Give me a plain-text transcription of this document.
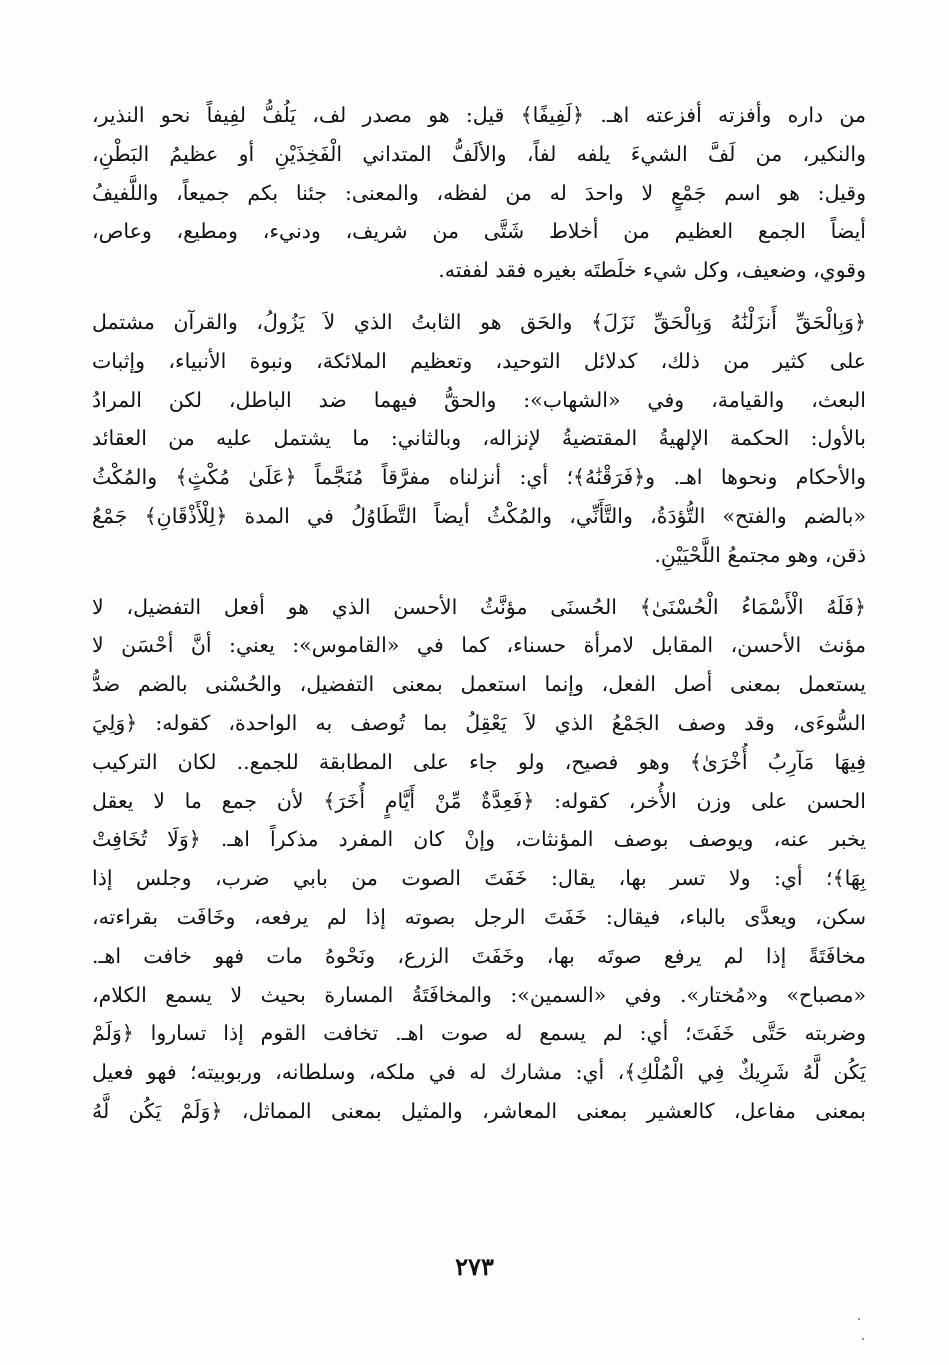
من داره وأفزته أفزعته اهـ. ﴿لَفِيفًا﴾ قيل: هو مصدر لف، يَلُفُّ لفِيفاً نحو النذير،
والنكير، من لَفَّ الشيءَ يلفه لفاً، والألَفُّ المتداني الْفَخِذَيْنِ أو عظيمُ البَطْنِ،
وقيل: هو اسم جَمْعٍ لا واحدَ له من لفظه، والمعنى: جئنا بكم جميعاً، واللَّفيفُ
أيضاً الجمع العظيم من أخلاط شَتَّى من شريف، ودنيء، ومطيع، وعاص،
وقوي، وضعيف، وكل شيء خلَطتَه بغيره فقد لففته.
﴿وَبِالْحَقِّ أَنزَلْنَٰهُ وَبِالْحَقِّ نَزَلَ﴾ والحَق هو الثابتُ الذي لاَ يَزُولُ، والقرآن مشتمل
على كثير من ذلك، كدلائل التوحيد، وتعظيم الملائكة، ونبوة الأنبياء، وإثبات
البعث، والقيامة، وفي «الشهاب»: والحقُّ فيهما ضد الباطل، لكن المرادُ
بالأول: الحكمة الإلهيةُ المقتضيةُ لإنزاله، وبالثاني: ما يشتمل عليه من العقائد
والأحكام ونحوها اهـ. و﴿فَرَقْنَٰهُ﴾؛ أي: أنزلناه مفرَّقاً مُنَجَّماً ﴿عَلَىٰ مُكْثٍ﴾ والمُكْثُ
«بالضم والفتح» التُّؤدَةُ، والتَّأَنِّي، والمُكْثُ أيضاً التَّطَاوُلُ في المدة ﴿لِلْأَذْقَانِ﴾ جَمْعُ
ذقن، وهو مجتمعُ اللَّحْيَيْنِ.
﴿فَلَهُ الْأَسْمَاءُ الْحُسْنَىٰ﴾ الحُسنَى مؤنَّثُ الأحسن الذي هو أفعل التفضيل، لا
مؤنث الأحسن، المقابل لامرأة حسناء، كما في «القاموس»: يعني: أنَّ أحْسَن لا
يستعمل بمعنى أصل الفعل، وإنما استعمل بمعنى التفضيل، والحُسْنى بالضم ضدُّ
السُّوءَى، وقد وصف الجَمْعُ الذي لاَ يَعْقِلُ بما تُوصف به الواحدة، كقوله: ﴿وَلِيَ
فِيهَا مَآرِبُ أُخْرَىٰ﴾ وهو فصيح، ولو جاء على المطابقة للجمع.. لكان التركيب
الحسن على وزن الأُخر، كقوله: ﴿فَعِدَّةٌ مِّنْ أَيَّامٍ أُخَرَ﴾ لأن جمع ما لا يعقل
يخبر عنه، ويوصف بوصف المؤنثات، وإنْ كان المفرد مذكراً اهـ. ﴿وَلَا تُخَافِتْ
بِهَا﴾؛ أي: ولا تسر بها، يقال: خَفَتَ الصوت من بابي ضرب، وجلس إذا
سكن، ويعدَّى بالباء، فيقال: خَفَتَ الرجل بصوته إذا لم يرفعه، وخَافَت بقراءته،
مخافَتَةً إذا لم يرفع صوتَه بها، وخَفَتَ الزرع، ونَحْوهُ مات فهو خافت اهـ.
«مصباح» و«مُختار». وفي «السمين»: والمخافَتَةُ المسارة بحيث لا يسمع الكلام،
وضربته حَتَّى خَفَتَ؛ أي: لم يسمع له صوت اهـ. تخافت القوم إذا تساروا ﴿وَلَمْ
يَكُن لَّهُ شَرِيكٌ فِي الْمُلْكِ﴾، أي: مشارك له في ملكه، وسلطانه، وربوبيته؛ فهو فعيل
بمعنى مفاعل، كالعشير بمعنى المعاشر، والمثيل بمعنى المماثل، ﴿وَلَمْ يَكُن لَّهُ
٢٧٣
